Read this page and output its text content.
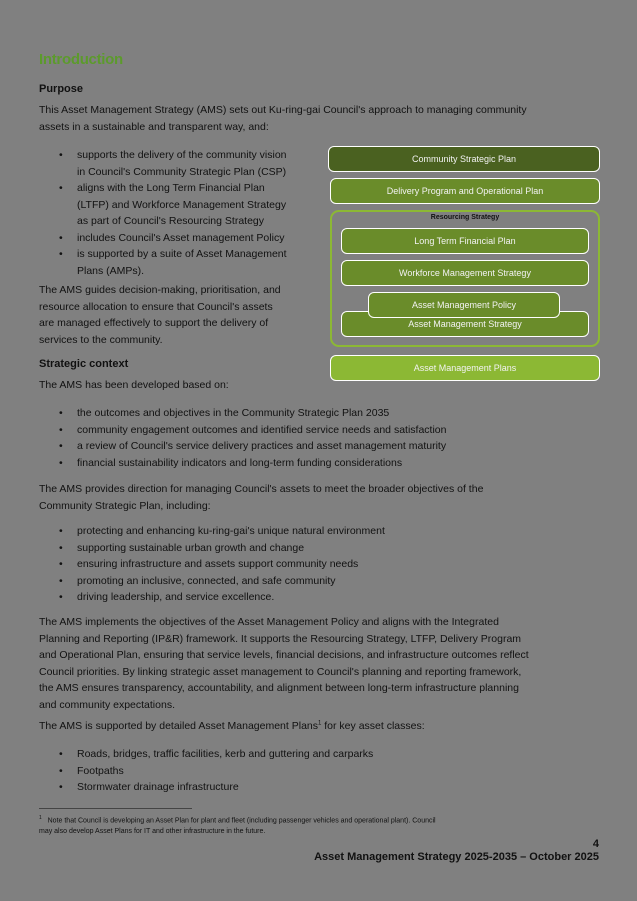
Introduction
Purpose

This Asset Management Strategy (AMS) sets out Ku-ring-gai Council's approach to managing community
assets in a sustainable and transparent way, and:

• supports the delivery of the community vision
in Council's Community Strategic Plan (CSP)
• aligns with the Long Term Financial Plan
(LTFP) and Workforce Management Strategy
as part of Council's Resourcing Strategy
• includes Council's Asset management Policy
• is supported by a suite of Asset Management
Plans (AMPs).

The AMS guides decision-making, prioritisation, and
resource allocation to ensure that Council's assets
are managed effectively to support the delivery of
services to the community.

Community Strategic Plan
Delivery Program and Operational Plan
Resourcing Strategy
Long Term Financial Plan
Workforce Management Strategy
Asset Management Strategy
Asset Management Policy
Asset Management Plans
Strategic context

The AMS has been developed based on:

• the outcomes and objectives in the Community Strategic Plan 2035
• community engagement outcomes and identified service needs and satisfaction
• a review of Council's service delivery practices and asset management maturity
• financial sustainability indicators and long-term funding considerations

The AMS provides direction for managing Council's assets to meet the broader objectives of the
Community Strategic Plan, including:

• protecting and enhancing ku-ring-gai's unique natural environment
• supporting sustainable urban growth and change
• ensuring infrastructure and assets support community needs
• promoting an inclusive, connected, and safe community
• driving leadership, and service excellence.

The AMS implements the objectives of the Asset Management Policy and aligns with the Integrated
Planning and Reporting (IP&R) framework. It supports the Resourcing Strategy, LTFP, Delivery Program
and Operational Plan, ensuring that service levels, financial decisions, and infrastructure outcomes reflect
Council priorities. By linking strategic asset management to Council's planning and reporting framework,
the AMS ensures transparency, accountability, and alignment between long-term infrastructure planning
and community expectations.

The AMS is supported by detailed Asset Management Plans$^1$ for key asset classes:

• Roads, bridges, traffic facilities, kerb and guttering and carparks
• Footpaths
• Stormwater drainage infrastructure
$^1$ Note that Council is developing an Asset Plan for plant and fleet (including passenger vehicles and operational plant). Council
may also develop Asset Plans for IT and other infrastructure in the future.
4
Asset Management Strategy 2025-2035 – October 2025
